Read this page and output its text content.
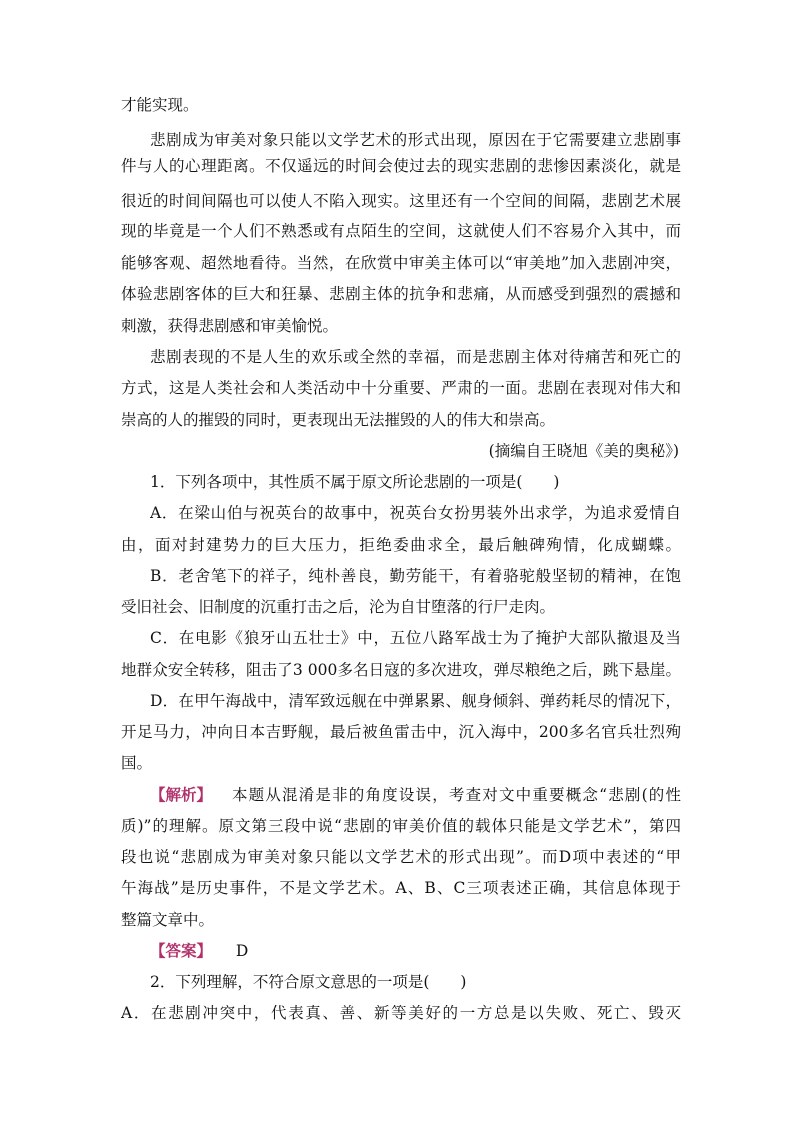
才能实现。
悲剧成为审美对象只能以文学艺术的形式出现，原因在于它需要建立悲剧事
件与人的心理距离。不仅遥远的时间会使过去的现实悲剧的悲惨因素淡化，就是
很近的时间间隔也可以使人不陷入现实。这里还有一个空间的间隔，悲剧艺术展
现的毕竟是一个人们不熟悉或有点陌生的空间，这就使人们不容易介入其中，而
能够客观、超然地看待。当然，在欣赏中审美主体可以“审美地”加入悲剧冲突，
体验悲剧客体的巨大和狂暴、悲剧主体的抗争和悲痛，从而感受到强烈的震撼和
刺激，获得悲剧感和审美愉悦。
悲剧表现的不是人生的欢乐或全然的幸福，而是悲剧主体对待痛苦和死亡的
方式，这是人类社会和人类活动中十分重要、严肃的一面。悲剧在表现对伟大和
崇高的人的摧毁的同时，更表现出无法摧毁的人的伟大和崇高。
(摘编自王晓旭《美的奥秘》)
1．下列各项中，其性质不属于原文所论悲剧的一项是(　　)
A．在梁山伯与祝英台的故事中，祝英台女扮男装外出求学，为追求爱情自
由，面对封建势力的巨大压力，拒绝委曲求全，最后触碑殉情，化成蝴蝶。
B．老舍笔下的祥子，纯朴善良，勤劳能干，有着骆驼般坚韧的精神，在饱
受旧社会、旧制度的沉重打击之后，沦为自甘堕落的行尸走肉。
C．在电影《狼牙山五壮士》中，五位八路军战士为了掩护大部队撤退及当
地群众安全转移，阻击了3 000多名日寇的多次进攻，弹尽粮绝之后，跳下悬崖。
D．在甲午海战中，清军致远舰在中弹累累、舰身倾斜、弹药耗尽的情况下，
开足马力，冲向日本吉野舰，最后被鱼雷击中，沉入海中，200多名官兵壮烈殉
国。
【解析】	本题从混淆是非的角度设误，考查对文中重要概念“悲剧(的性
质)”的理解。原文第三段中说“悲剧的审美价值的载体只能是文学艺术”，第四
段也说“悲剧成为审美对象只能以文学艺术的形式出现”。而D项中表述的“甲
午海战”是历史事件，不是文学艺术。A、B、C三项表述正确，其信息体现于
整篇文章中。
【答案】 D
2．下列理解，不符合原文意思的一项是(　　)
A．在悲剧冲突中，代表真、善、新等美好的一方总是以失败、死亡、毁灭
